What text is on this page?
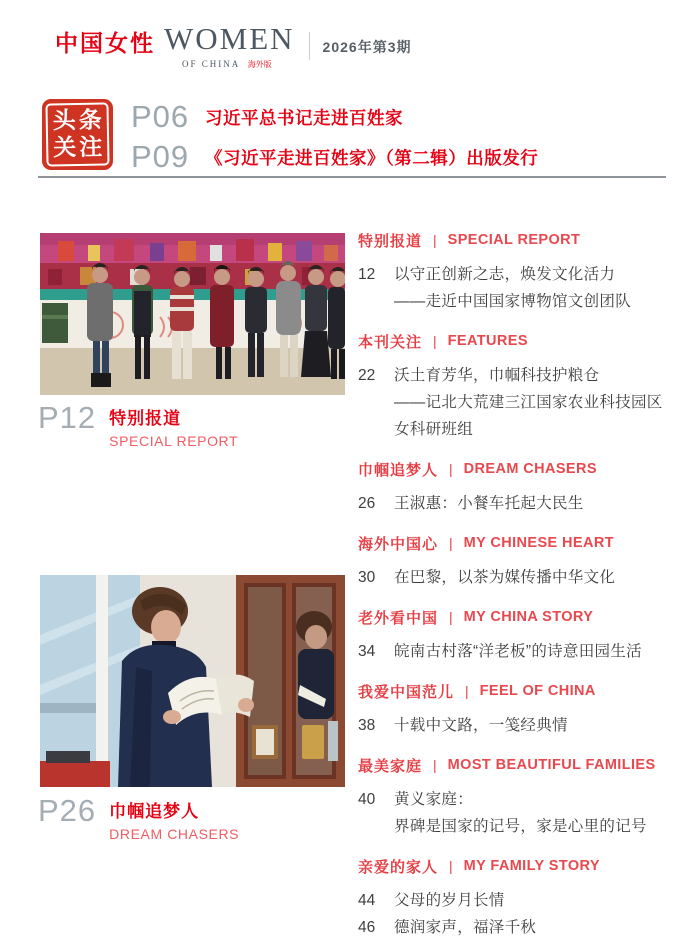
中国女性 WOMEN
OF CHINA 海外版
2026年第3期
头条
关注
P06 习近平总书记走进百姓家
P09 《习近平走进百姓家》（第二辑）出版发行
P12 特别报道
SPECIAL REPORT
P26 巾帼追梦人
DREAM CHASERS
特别报道 | SPECIAL REPORT
12	以守正创新之志，焕发文化活力
——走近中国国家博物馆文创团队
本刊关注 | FEATURES
22	沃土育芳华，巾帼科技护粮仓
——记北大荒建三江国家农业科技园区女科研班组
巾帼追梦人 | DREAM CHASERS
26	王淑惠：小餐车托起大民生
海外中国心 | MY CHINESE HEART
30	在巴黎，以茶为媒传播中华文化
老外看中国 | MY CHINA STORY
34	皖南古村落“洋老板”的诗意田园生活
我爱中国范儿 | FEEL OF CHINA
38	十载中文路，一笺经典情
最美家庭 | MOST BEAUTIFUL FAMILIES
40	黄义家庭：
界碑是国家的记号，家是心里的记号
亲爱的家人 | MY FAMILY STORY
44	父母的岁月长情
46	德润家声，福泽千秋
